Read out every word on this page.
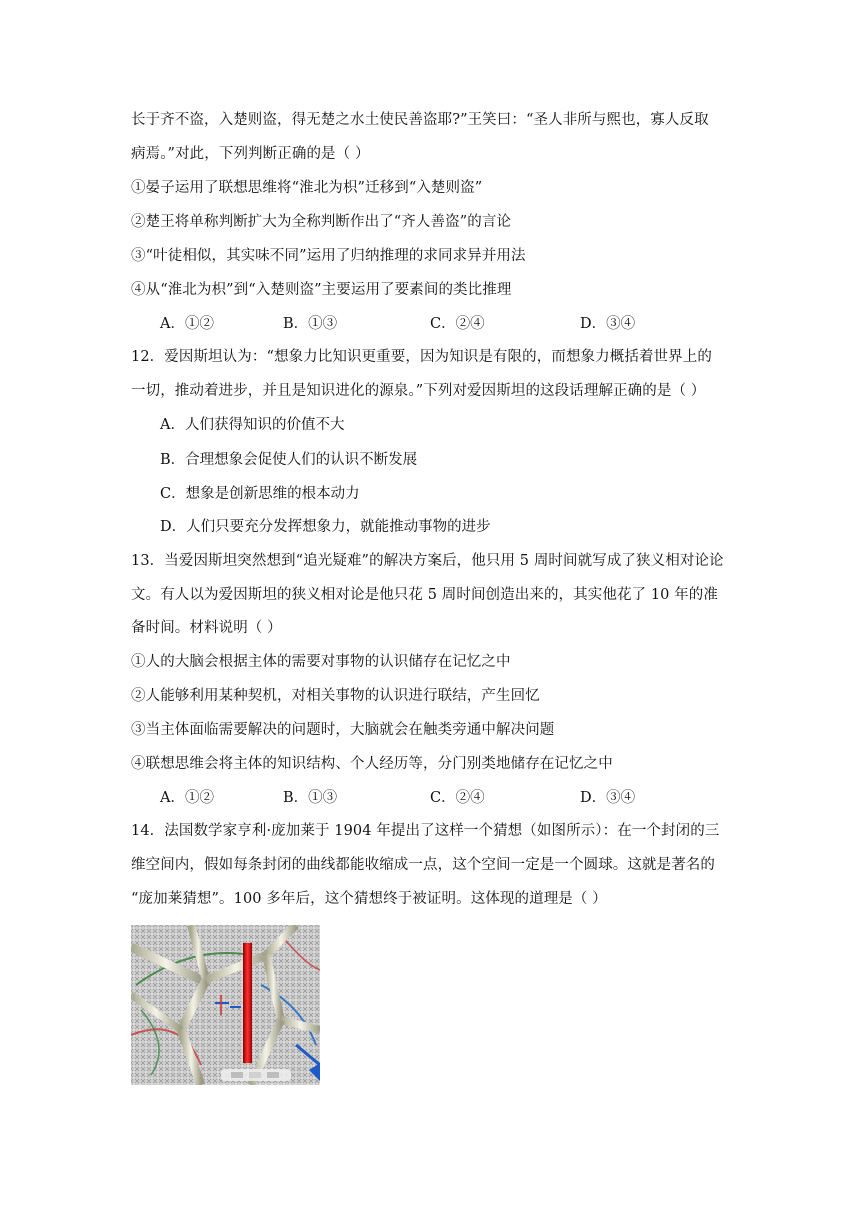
长于齐不盗，入楚则盗，得无楚之水土使民善盗耶?”王笑曰：“圣人非所与熙也，寡人反取
病焉。”对此，下列判断正确的是（ ）
①晏子运用了联想思维将“淮北为枳”迁移到“入楚则盗”
②楚王将单称判断扩大为全称判断作出了“齐人善盗”的言论
③“叶徒相似，其实味不同”运用了归纳推理的求同求异并用法
④从“淮北为枳”到“入楚则盗”主要运用了要素间的类比推理
A．①②	B．①③	C．②④	D．③④
12．爱因斯坦认为：“想象力比知识更重要，因为知识是有限的，而想象力概括着世界上的
一切，推动着进步，并且是知识进化的源泉。”下列对爱因斯坦的这段话理解正确的是（ ）
A．人们获得知识的价值不大
B．合理想象会促使人们的认识不断发展
C．想象是创新思维的根本动力
D．人们只要充分发挥想象力，就能推动事物的进步
13．当爱因斯坦突然想到“追光疑难”的解决方案后，他只用 5 周时间就写成了狭义相对论论
文。有人以为爱因斯坦的狭义相对论是他只花 5 周时间创造出来的，其实他花了 10 年的准
备时间。材料说明（ ）
①人的大脑会根据主体的需要对事物的认识储存在记忆之中
②人能够利用某种契机，对相关事物的认识进行联结，产生回忆
③当主体面临需要解决的问题时，大脑就会在触类旁通中解决问题
④联想思维会将主体的知识结构、个人经历等，分门别类地储存在记忆之中
A．①②	B．①③	C．②④	D．③④
14．法国数学家亨利·庞加莱于 1904 年提出了这样一个猜想（如图所示）：在一个封闭的三
维空间内，假如每条封闭的曲线都能收缩成一点，这个空间一定是一个圆球。这就是著名的
“庞加莱猜想”。100 多年后，这个猜想终于被证明。这体现的道理是（ ）
